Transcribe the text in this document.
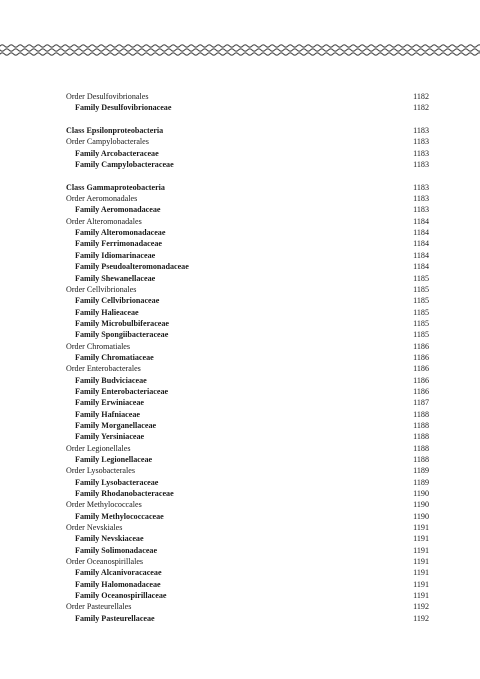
Order Desulfovibrionales	1182
Family Desulfovibrionaceae	1182
Class Epsilonproteobacteria	1183
Order Campylobacterales	1183
Family Arcobacteraceae	1183
Family Campylobacteraceae	1183
Class Gammaproteobacteria	1183
Order Aeromonadales	1183
Family Aeromonadaceae	1183
Order Alteromonadales	1184
Family Alteromonadaceae	1184
Family Ferrimonadaceae	1184
Family Idiomarinaceae	1184
Family Pseudoalteromonadaceae	1184
Family Shewanellaceae	1185
Order Cellvibrionales	1185
Family Cellvibrionaceae	1185
Family Halieaceae	1185
Family Microbulbiferaceae	1185
Family Spongiibacteraceae	1185
Order Chromatiales	1186
Family Chromatiaceae	1186
Order Enterobacterales	1186
Family Budviciaceae	1186
Family Enterobacteriaceae	1186
Family Erwiniaceae	1187
Family Hafniaceae	1188
Family Morganellaceae	1188
Family Yersiniaceae	1188
Order Legionellales	1188
Family Legionellaceae	1188
Order Lysobacterales	1189
Family Lysobacteraceae	1189
Family Rhodanobacteraceae	1190
Order Methylococcales	1190
Family Methylococcaceae	1190
Order Nevskiales	1191
Family Nevskiaceae	1191
Family Solimonadaceae	1191
Order Oceanospirillales	1191
Family Alcanivoracaceae	1191
Family Halomonadaceae	1191
Family Oceanospirillaceae	1191
Order Pasteurellales	1192
Family Pasteurellaceae	1192
